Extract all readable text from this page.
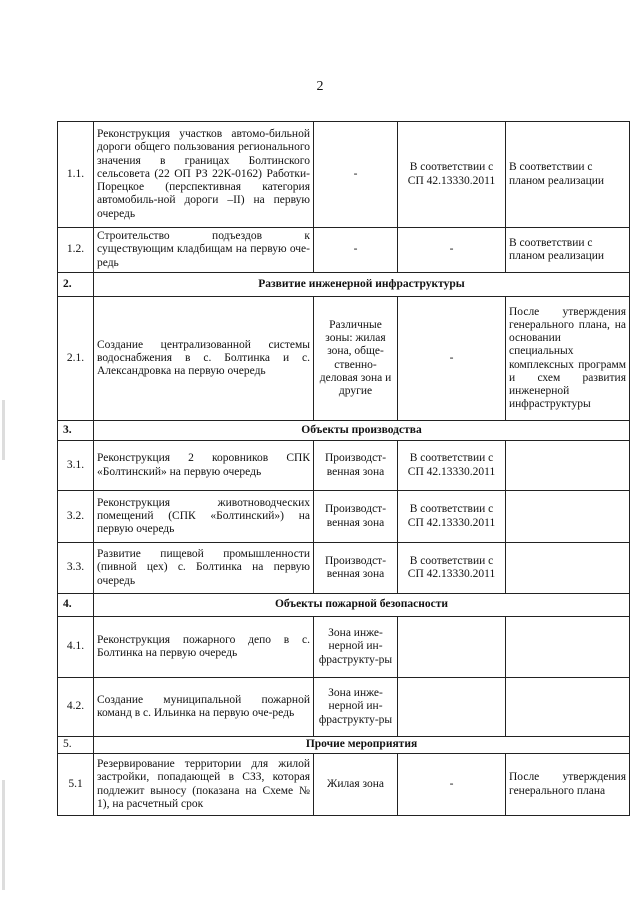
2
1.1.	Реконструкция участков автомо-бильной дороги общего пользования регионального значения в границах Болтинского сельсовета (22 ОП РЗ 22К-0162) Работки-Порецкое (перспективная категория автомобиль-ной дороги –II) на первую очередь	-	В соответствии с СП 42.13330.2011	В соответствии с планом реализации
1.2.	Строительство подъездов к существующим кладбищам на первую оче-редь	-	-	В соответствии с планом реализации
2.	Развитие инженерной инфраструктуры			
2.1.	Создание централизованной системы водоснабжения в с. Болтинка и с. Александровка на первую очередь	Различные зоны: жилая зона, обще-ственно-деловая зона и другие	-	После утверждения генерального плана, на основании специальных комплексных программ и схем развития инженерной инфраструктуры
3.	Объекты производства			
3.1.	Реконструкция 2 коровников СПК «Болтинский» на первую очередь	Производст-венная зона	В соответствии с СП 42.13330.2011	
3.2.	Реконструкция животноводческих помещений (СПК «Болтинский») на первую очередь	Производст-венная зона	В соответствии с СП 42.13330.2011	
3.3.	Развитие пищевой промышленности (пивной цех) с. Болтинка на первую очередь	Производст-венная зона	В соответствии с СП 42.13330.2011	
4.	Объекты пожарной безопасности			
4.1.	Реконструкция пожарного депо в с. Болтинка на первую очередь	Зона инже-нерной ин-фраструкту-ры		
4.2.	Создание муниципальной пожарной команд в с. Ильинка на первую оче-редь	Зона инже-нерной ин-фраструкту-ры		
5.	Прочие мероприятия			
5.1	Резервирование территории для жилой застройки, попадающей в СЗЗ, которая подлежит выносу (показана на Схеме № 1), на расчетный срок	Жилая зона	-	После утверждения генерального плана
